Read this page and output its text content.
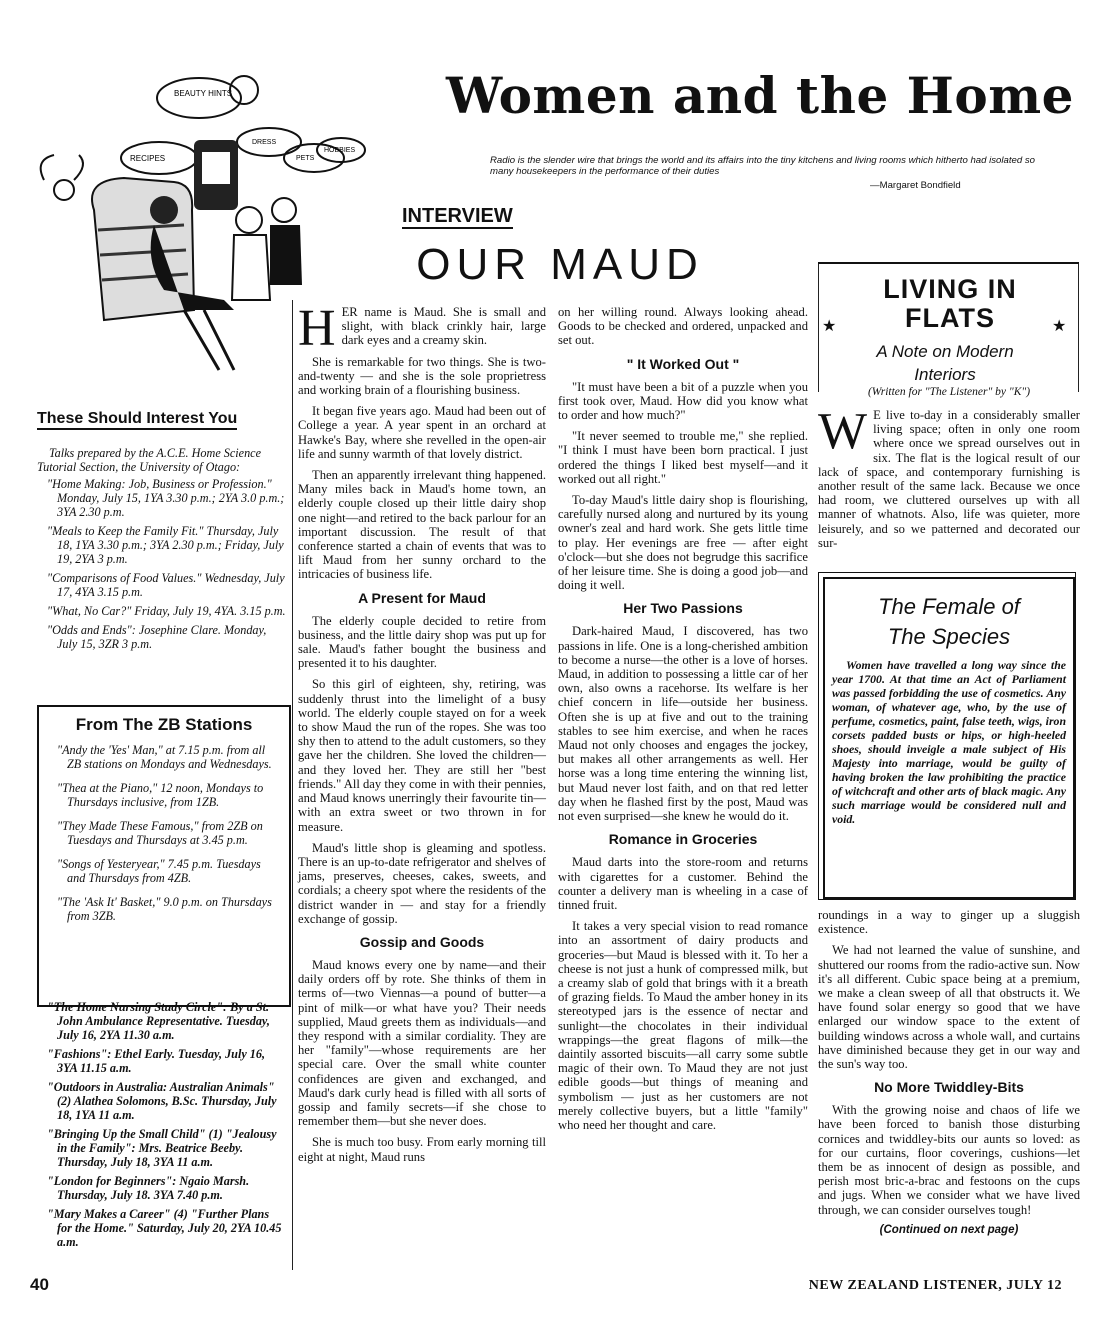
BEAUTY HINTS
DRESS
RECIPES	PETS
HOBBIES
Women and the Home
Radio is the slender wire that brings the world and its affairs into the tiny kitchens and living rooms which hitherto had isolated so many housekeepers in the performance of their duties
—Margaret Bondfield
INTERVIEW
OUR MAUD
These Should Interest You
Talks prepared by the A.C.E. Home Science Tutorial Section, the University of Otago:
"Home Making: Job, Business or Profession." Monday, July 15, 1YA 3.30 p.m.; 2YA 3.0 p.m.; 3YA 2.30 p.m.
"Meals to Keep the Family Fit." Thursday, July 18, 1YA 3.30 p.m.; 3YA 2.30 p.m.; Friday, July 19, 2YA 3 p.m.
"Comparisons of Food Values." Wednesday, July 17, 4YA 3.15 p.m.
"What, No Car?" Friday, July 19, 4YA. 3.15 p.m.
"Odds and Ends": Josephine Clare. Monday, July 15, 3ZR 3 p.m.
From The ZB Stations
"Andy the 'Yes' Man," at 7.15 p.m. from all ZB stations on Mondays and Wednesdays.
"Thea at the Piano," 12 noon, Mondays to Thursdays inclusive, from 1ZB.
"They Made These Famous," from 2ZB on Tuesdays and Thursdays at 3.45 p.m.
"Songs of Yesteryear," 7.45 p.m. Tuesdays and Thursdays from 4ZB.
"The 'Ask It' Basket," 9.0 p.m. on Thursdays from 3ZB.
"The Home Nursing Study Circle": By a St. John Ambulance Representative. Tuesday, July 16, 2YA 11.30 a.m.
"Fashions": Ethel Early. Tuesday, July 16, 3YA 11.15 a.m.
"Outdoors in Australia: Australian Animals" (2) Alathea Solomons, B.Sc. Thursday, July 18, 1YA 11 a.m.
"Bringing Up the Small Child" (1) "Jealousy in the Family": Mrs. Beatrice Beeby. Thursday, July 18, 3YA 11 a.m.
"London for Beginners": Ngaio Marsh. Thursday, July 18. 3YA 7.40 p.m.
"Mary Makes a Career" (4) "Further Plans for the Home." Saturday, July 20, 2YA 10.45 a.m.

HER name is Maud. She is small and slight, with black crinkly hair, large dark eyes and a creamy skin.

She is remarkable for two things. She is two-and-twenty — and she is the sole proprietress and working brain of a flourishing business.

It began five years ago. Maud had been out of College a year. A year spent in an orchard at Hawke's Bay, where she revelled in the open-air life and sunny warmth of that lovely district.

Then an apparently irrelevant thing happened. Many miles back in Maud's home town, an elderly couple closed up their little dairy shop one night—and retired to the back parlour for an important discussion. The result of that conference started a chain of events that was to lift Maud from her sunny orchard to the intricacies of business life.

A Present for Maud

The elderly couple decided to retire from business, and the little dairy shop was put up for sale. Maud's father bought the business and presented it to his daughter.

So this girl of eighteen, shy, retiring, was suddenly thrust into the limelight of a busy world. The elderly couple stayed on for a week to show Maud the run of the ropes. She was too shy then to attend to the adult customers, so they gave her the children. She loved the children—and they loved her. They are still her "best friends." All day they come in with their pennies, and Maud knows unerringly their favourite tin—with an extra sweet or two thrown in for measure.

Maud's little shop is gleaming and spotless. There is an up-to-date refrigerator and shelves of jams, preserves, cheeses, cakes, sweets, and cordials; a cheery spot where the residents of the district wander in — and stay for a friendly exchange of gossip.

Gossip and Goods

Maud knows every one by name—and their daily orders off by rote. She thinks of them in terms of—two Viennas—a pound of butter—a pint of milk—or what have you? Their needs supplied, Maud greets them as individuals—and they respond with a similar cordiality. They are her "family"—whose requirements are her special care. Over the small white counter confidences are given and exchanged, and Maud's dark curly head is filled with all sorts of gossip and family secrets—if she chose to remember them—but she never does.

She is much too busy. From early morning till eight at night, Maud runs

on her willing round. Always looking ahead. Goods to be checked and ordered, unpacked and set out.

" It Worked Out "

"It must have been a bit of a puzzle when you first took over, Maud. How did you know what to order and how much?"

"It never seemed to trouble me," she replied. "I think I must have been born practical. I just ordered the things I liked best myself—and it worked out all right."

To-day Maud's little dairy shop is flourishing, carefully nursed along and nurtured by its young owner's zeal and hard work. She gets little time to play. Her evenings are free — after eight o'clock—but she does not begrudge this sacrifice of her leisure time. She is doing a good job—and doing it well.

Her Two Passions

Dark-haired Maud, I discovered, has two passions in life. One is a long-cherished ambition to become a nurse—the other is a love of horses. Maud, in addition to possessing a little car of her own, also owns a racehorse. Its welfare is her chief concern in life—outside her business. Often she is up at five and out to the training stables to see him exercise, and when he races Maud not only chooses and engages the jockey, but makes all other arrangements as well. Her horse was a long time entering the winning list, but Maud never lost faith, and on that red letter day when he flashed first by the post, Maud was not even surprised—she knew he would do it.

Romance in Groceries

Maud darts into the store-room and returns with cigarettes for a customer. Behind the counter a delivery man is wheeling in a case of tinned fruit.

It takes a very special vision to read romance into an assortment of dairy products and groceries—but Maud is blessed with it. To her a cheese is not just a hunk of compressed milk, but a creamy slab of gold that brings with it a breath of grazing fields. To Maud the amber honey in its stereotyped jars is the essence of nectar and sunlight—the chocolates in their individual wrappings—the great flagons of milk—the daintily assorted biscuits—all carry some subtle magic of their own. To Maud they are not just edible goods—but things of meaning and symbolism — just as her customers are not merely collective buyers, but a little "family" who need her thought and care.

★	★
LIVING IN
FLATS
A Note on Modern Interiors
(Written for "The Listener" by "K")

W E live to-day in a considerably smaller living space; often in only one room where once we spread ourselves out in six. The flat is the logical result of our lack of space, and contemporary furnishing is another result of the same lack. Because we once had room, we cluttered ourselves up with all manner of whatnots. Also, life was quieter, more leisurely, and so we patterned and decorated our sur-

The Female of
The Species

Women have travelled a long way since the year 1700. At that time an Act of Parliament was passed forbidding the use of cosmetics. Any woman, of whatever age, who, by the use of perfume, cosmetics, paint, false teeth, wigs, iron corsets padded busts or hips, or high-heeled shoes, should inveigle a male subject of His Majesty into marriage, would be guilty of having broken the law prohibiting the practice of witchcraft and other arts of black magic. Any such marriage would be considered null and void.

roundings in a way to ginger up a sluggish existence.

We had not learned the value of sunshine, and shuttered our rooms from the radio-active sun. Now it's all different. Cubic space being at a premium, we make a clean sweep of all that obstructs it. We have found solar energy so good that we have enlarged our window space to the extent of building windows across a whole wall, and curtains have diminished because they get in our way and the sun's way too.

No More Twiddley-Bits

With the growing noise and chaos of life we have been forced to banish those disturbing cornices and twiddley-bits our aunts so loved: as for our curtains, floor coverings, cushions—let them be as innocent of design as possible, and perish most bric-a-brac and festoons on the cups and jugs. When we consider what we have lived through, we can consider ourselves tough!

(Continued on next page)
40	NEW ZEALAND LISTENER, JULY 12
